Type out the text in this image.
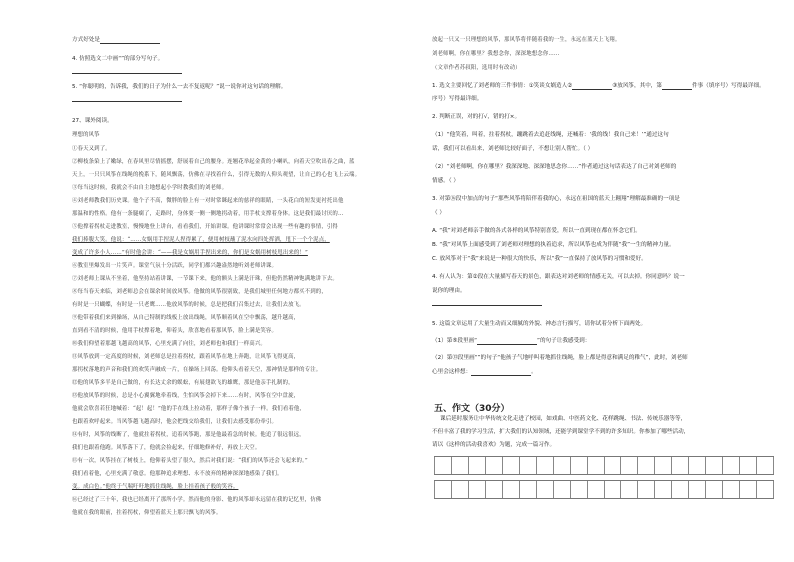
方式好处是
4. 仿照选文二中画“”的部分写句子。
5. “你聪明的，告诉我，我们的日子为什么一去不复返呢？”说一说你对这句话的理解。
27、课外阅读。
理想的风筝
①春天又到了。
②柳枝条染上了嫩绿，在春风里尽情摇摆，舒展着自己的腰身。连翘花举起金黄的小喇叭，向着天空吹出春之曲，蓝
天上，一只只风筝在线绳的挽系下，随风飘荡，仿佛在寻找着什么，引得无数的人仰头观望，让自己的心也飞上云端。
③每当这时候，我就会不由自主地想起小学时教我们的刘老师。
④刘老师教我们历史课。他个子不高，微胖的脸上有一对时常眯起来的慈祥的眼睛，一头花白的短发更衬托出他
那温和的性格。他有一条腿瘸了，走路时，身体要一侧一侧地拐动着，用手杖支撑着身体。这是我们最讨厌的…
⑤他撑着拐杖走进教室，慢慢地登上讲台，看看我们，开始讲课。他讲课时常常会出现一些有趣的事情，引得
我们捧腹大笑。他说：“……女娲用手捏泥人捏得累了，便用树枝蘸了泥水向四处挥洒，甩下一个个泥点，
变成了许多小人……”有时他会讲：“——我是女娲用手捏出来的，你们是女娲用树枝甩出来的！”
⑥教室里爆发出一片笑声。课堂气氛十分活跃，同学们都兴趣盎然地听刘老师讲课。
⑦刘老师上课从不坐着，他坚持站着讲课，一节课下来，他的额头上满是汗珠，但他仍然精神饱满地讲下去。
⑧每当春天来临，刘老师总会在课余时间放风筝。他做的风筝很别致，是我们城里任何地方都买不到的，
有时是一只蝴蝶，有时是一只老鹰……他放风筝的时候，总是把我们召集过去，让我们去放飞。
⑨他带着我们来到操场，从自己特制的线板上放出线绳，风筝顺着风在空中飘荡，越升越高，
直到看不清的时候，他用手杖撑着地，仰着头，欣喜地看着那风筝，脸上满是笑容。
⑩我们仰望着那越飞越高的风筝，心里充满了向往，刘老师也和我们一样高兴。
⑪风筝放到一定高度的时候，刘老师总是拄着拐杖，跟着风筝在地上奔跑，让风筝飞得更高，
那拐杖落地的声音和我们的欢笑声融成一片，在操场上回荡。他仰头看着天空，那神情是那样的专注。
⑫他的风筝多半是自己做的，有长达丈余的蜈蚣，有展翅欲飞的雄鹰，那是他亲手扎制的，
⑬他放风筝的时候，总是小心翼翼地牵着线，生怕风筝会掉下来……有时，风筝在空中盘旋，
他就会欣喜若狂地喊着：“起！起！”他的手在线上拉动着，那样子像个孩子一样。我们看着他，
也跟着欢呼起来。当风筝越飞越高时，他会把线交给我们，让我们去感受那份牵引。
⑭有时，风筝的线断了，他就拄着拐杖，追着风筝跑，那是他最着急的时候。他追了很远很远，
我们也跟着他跑。风筝落下了，他就会捡起来，仔细地修补好，再放上天空。
⑮有一次，风筝挂在了树枝上，他仰着头望了很久，然后对我们说：“我们的风筝还会飞起来的。”
我们看着他，心里充满了敬意。他那种追求理想、永不放弃的精神深深地感染了我们。
变。成白色。”他终于气喘吁吁地抓住线绳，脸上挂着孩子般的笑容。
⑯已经过了三十年，我也已经离开了那所小学。然而他的身影、他的风筝却永远留在我的记忆里，仿佛
他就在我的眼前，拄着拐杖，仰望着蓝天上那只飘飞的风筝。
放起一只又一只理想的风筝，那风筝将伴随着我的一生，永远在蓝天上飞翔。
刘老师啊，你在哪里？我想念你，深深地想念你……
（文章作者苏叔阳，选用时有改动）
1. 选文主要回忆了刘老师的三件事情：①笑谈女娲造人②	③放风筝，其中，第	件事（填序号）写得最详细。
序号）写得最详细。
2. 判断正误，对的打√，错的打×。
（1）“他笑着，叫着，拄着拐杖，蹦跳着去追赶线绳，还喊着：‘我的线！我自己来！’”通过这句
话，我们可以看出来，刘老师比较好面子，不想让别人帮忙。（ ）
（2）“刘老师啊，你在哪里？我深深地、深深地思念你……”作者通过这句话表达了自己对刘老师的
情感。（ ）
3. 对第⑯段中加点的句子“那些风筝将陪伴着我的心，永远在祖国的蓝天上翱翔”理解最准确的一项是
（ ）
A. “我”对刘老师亲手做的各式各样的风筝特别喜爱，所以一直到现在都在怀念它们。
B. “我”对风筝上面感受到了刘老师对理想的执着追求，所以风筝也成为伴随“我”一生的精神力量。
C. 放风筝对于“我”来说是一种很大的快乐，所以“我”一直保持了放风筝的习惯和爱好。
4. 有人认为：第②段在大量描写春天的景色，跟表达对刘老师的情感无关，可以去掉。你同意吗？说一
说你的理由。
5. 这篇文章运用了大量生动而又细腻的外貌、神态言行描写，请你试着分析下面两处。
（1）第⑤段里画“	”的句子让我感受到：
（2）第⑬段里画“”的句子“他孩子气地呼叫着地抓住线绳，脸上都是得意和满足的稚气”，此时，刘老师
心里会这样想：	。
课后延时服务让中华传统文化走进了校园，如戏曲、中医药文化、花样跳绳、书法、传统乐器等等，
不但丰富了我的学习生活，扩大我们的认知领域，还能学到课堂学不到的许多知识。你参加了哪些活动，
请以《这样的活动我喜欢》为题，完成一篇习作。
五、作文（30分）
